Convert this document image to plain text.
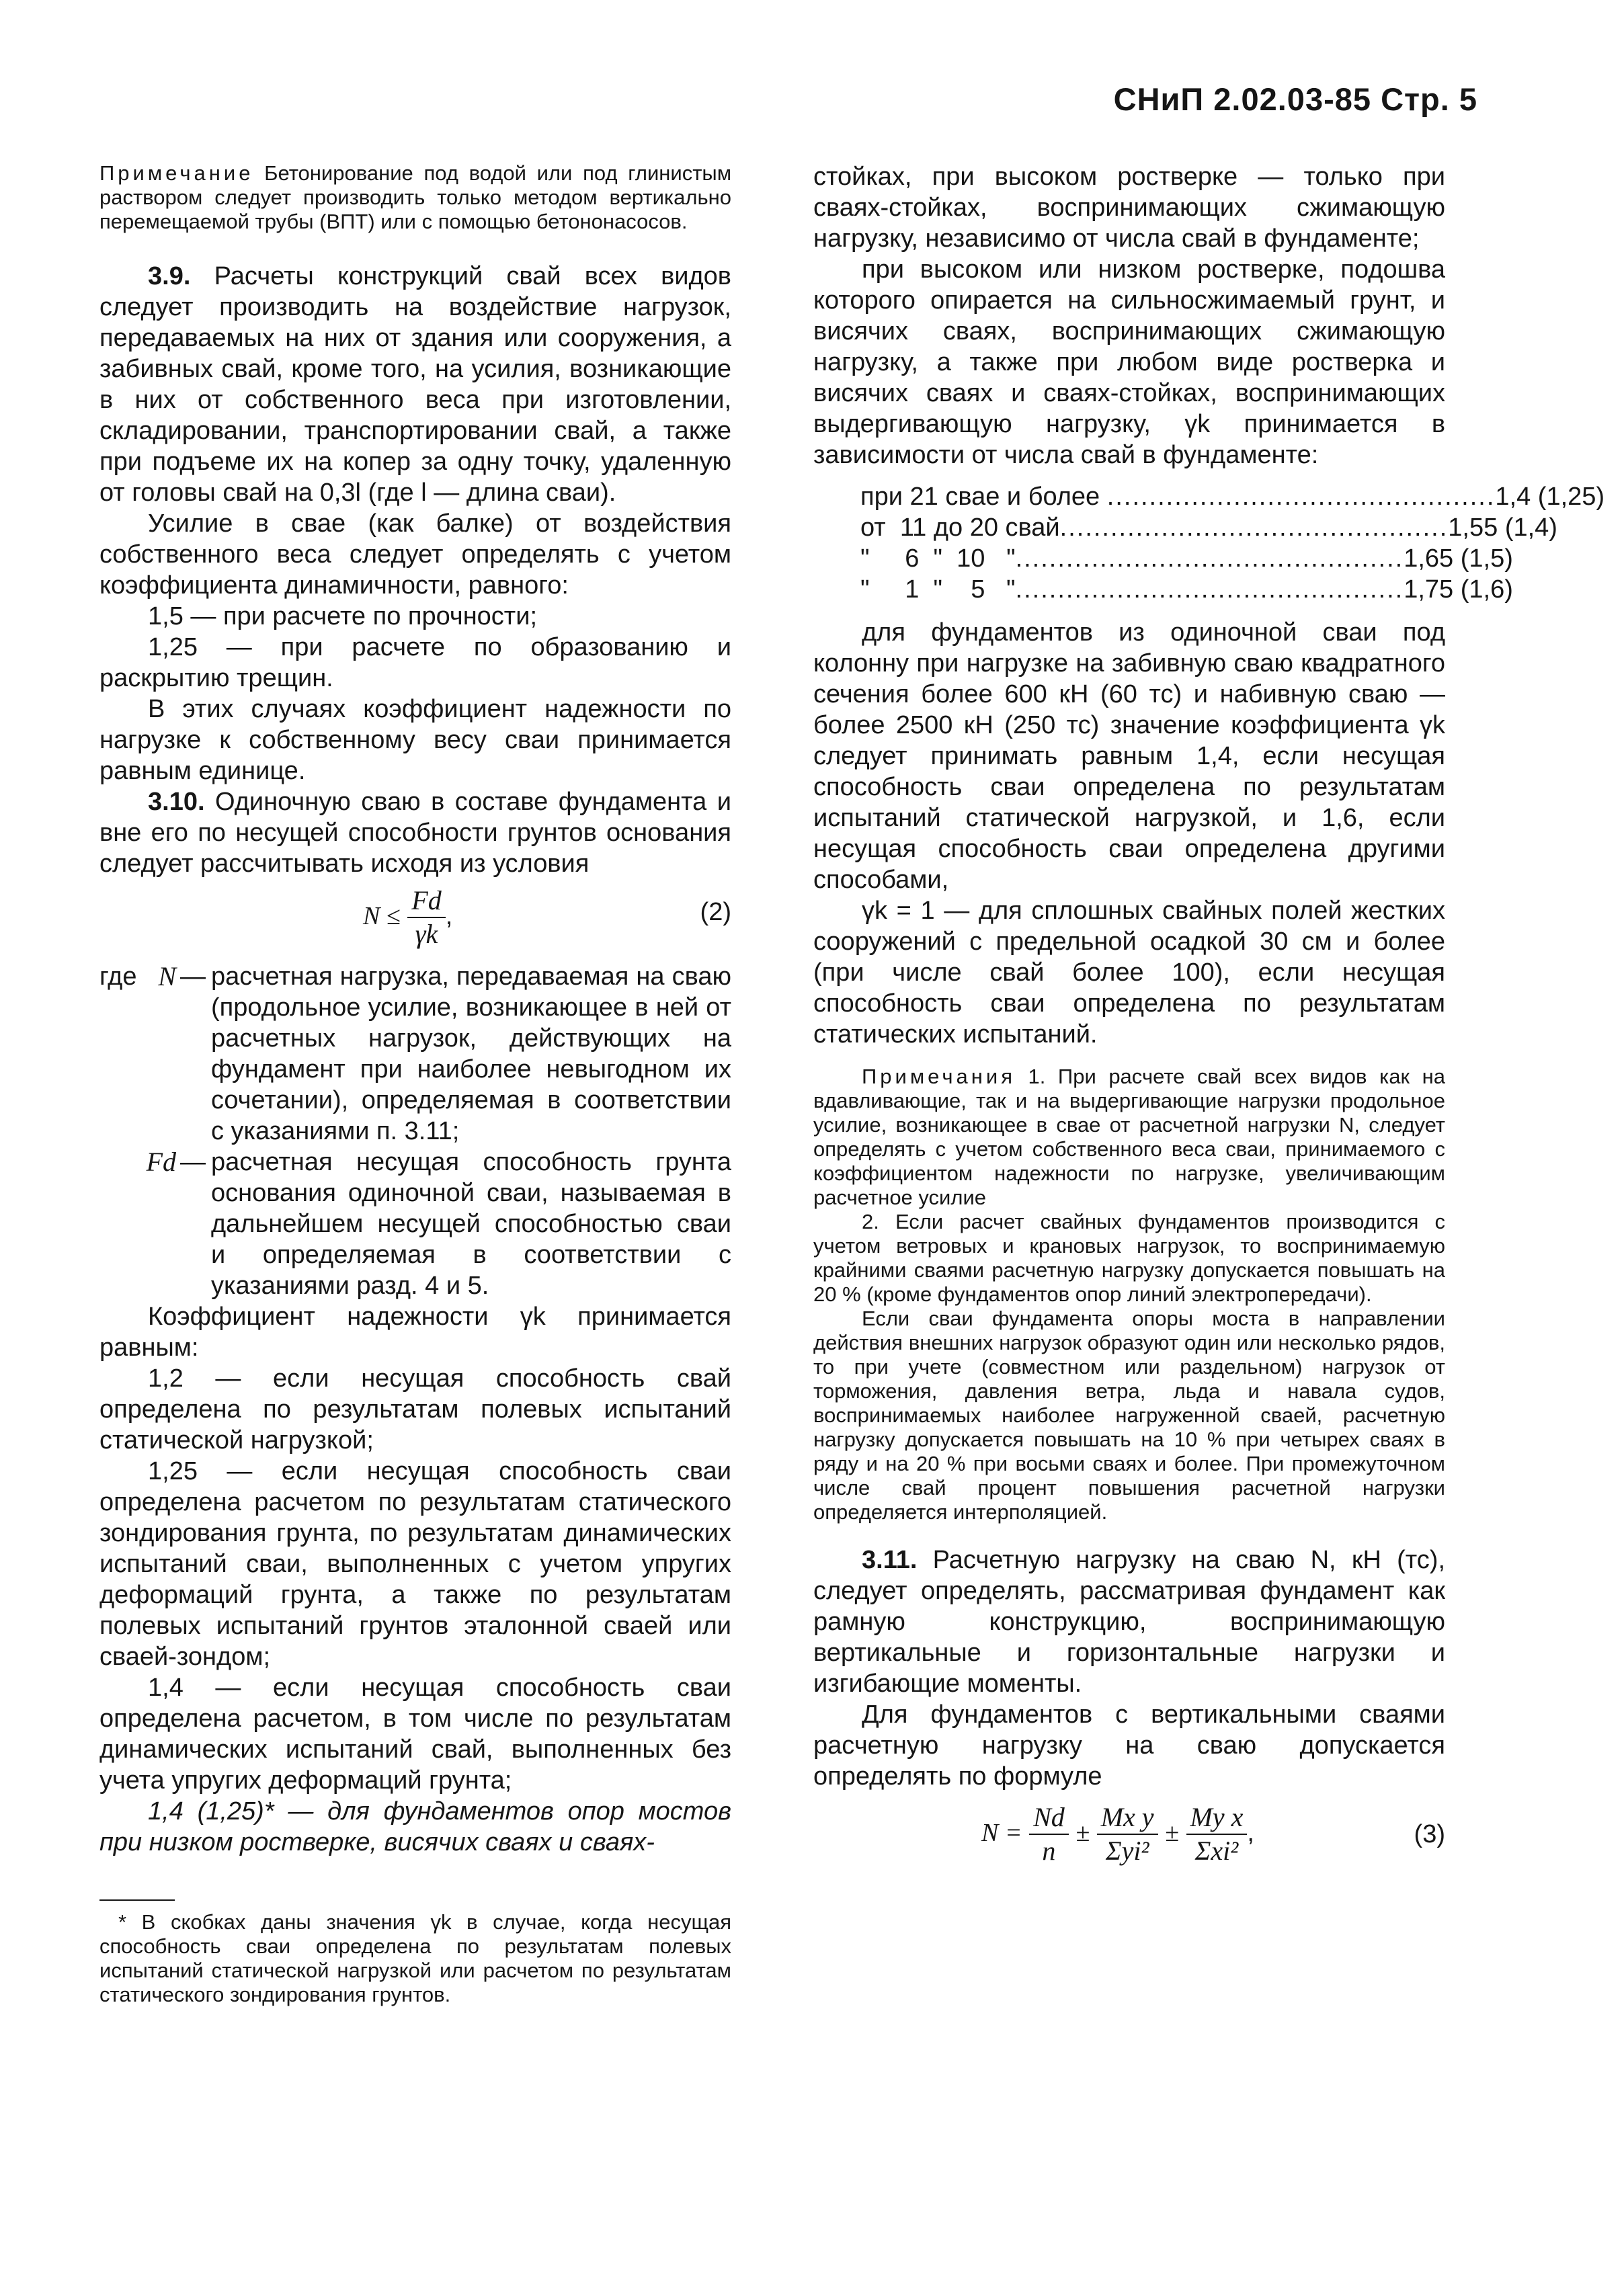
СНиП 2.02.03-85 Стр. 5

Примечание Бетонирование под водой или под глинистым раствором следует производить только методом вертикально перемещаемой трубы (ВПТ) или с помощью бетононасосов.

3.9. Расчеты конструкций свай всех видов следует производить на воздействие нагрузок, передаваемых на них от здания или сооружения, а забивных свай, кроме того, на усилия, возникающие в них от собственного веса при изготовлении, складировании, транспортировании свай, а также при подъеме их на копер за одну точку, удаленную от головы свай на 0,3l (где l — длина сваи).

Усилие в свае (как балке) от воздействия собственного веса следует определять с учетом коэффициента динамичности, равного:

1,5 — при расчете по прочности;

1,25 — при расчете по образованию и раскрытию трещин.

В этих случаях коэффициент надежности по нагрузке к собственному весу сваи принимается равным единице.

3.10. Одиночную сваю в составе фундамента и вне его по несущей способности грунтов основания следует рассчитывать исходя из условия

$N \le \frac{Fd}{\gamma k}$ ,	(2)
где N — расчетная нагрузка, передаваемая на сваю (продольное усилие, возникающее в ней от расчетных нагрузок, действующих на фундамент при наиболее невыгодном их сочетании), определяемая в соответствии с указаниями п. 3.11;
Fd — расчетная несущая способность грунта основания одиночной сваи, называемая в дальнейшем несущей способностью сваи и определяемая в соответствии с указаниями разд. 4 и 5.

Коэффициент надежности γk принимается равным:

1,2 — если несущая способность свай определена по результатам полевых испытаний статической нагрузкой;

1,25 — если несущая способность сваи определена расчетом по результатам статического зондирования грунта, по результатам динамических испытаний сваи, выполненных с учетом упругих деформаций грунта, а также по результатам полевых испытаний грунтов эталонной сваей или сваей-зондом;

1,4 — если несущая способность сваи определена расчетом, в том числе по результатам динамических испытаний свай, выполненных без учета упругих деформаций грунта;

1,4 (1,25)* — для фундаментов опор мостов при низком ростверке, висячих сваях и сваях-

* В скобках даны значения γk в случае, когда несущая способность сваи определена по результатам полевых испытаний статической нагрузкой или расчетом по результатам статического зондирования грунтов.

стойках, при высоком ростверке — только при сваях-стойках, воспринимающих сжимающую нагрузку, независимо от числа свай в фундаменте;

при высоком или низком ростверке, подошва которого опирается на сильносжимаемый грунт, и висячих сваях, воспринимающих сжимающую нагрузку, а также при любом виде ростверка и висячих сваях и сваях-стойках, воспринимающих выдергивающую нагрузку, γk принимается в зависимости от числа свай в фундаменте:

при 21 свае и более .............................................. 1,4 (1,25)
от  11 до 20 свай .............................................. 1,55 (1,4)
"     6  "  10   " .............................................. 1,65 (1,5)
"     1  "    5   " .............................................. 1,75 (1,6)

для фундаментов из одиночной сваи под колонну при нагрузке на забивную сваю квадратного сечения более 600 кН (60 тс) и набивную сваю — более 2500 кН (250 тс) значение коэффициента γk следует принимать равным 1,4, если несущая способность сваи определена по результатам испытаний статической нагрузкой, и 1,6, если несущая способность сваи определена другими способами,

γk = 1 — для сплошных свайных полей жестких сооружений с предельной осадкой 30 см и более (при числе свай более 100), если несущая способность сваи определена по результатам статических испытаний.

Примечания 1. При расчете свай всех видов как на вдавливающие, так и на выдергивающие нагрузки продольное усилие, возникающее в свае от расчетной нагрузки N, следует определять с учетом собственного веса сваи, принимаемого с коэффициентом надежности по нагрузке, увеличивающим расчетное усилие

2. Если расчет свайных фундаментов производится с учетом ветровых и крановых нагрузок, то воспринимаемую крайними сваями расчетную нагрузку допускается повышать на 20 % (кроме фундаментов опор линий электропередачи).

Если сваи фундамента опоры моста в направлении действия внешних нагрузок образуют один или несколько рядов, то при учете (совместном или раздельном) нагрузок от торможения, давления ветра, льда и навала судов, воспринимаемых наиболее нагруженной сваей, расчетную нагрузку допускается повышать на 10 % при четырех сваях в ряду и на 20 % при восьми сваях и более. При промежуточном числе свай процент повышения расчетной нагрузки определяется интерполяцией.

3.11. Расчетную нагрузку на сваю N, кН (тс), следует определять, рассматривая фундамент как рамную конструкцию, воспринимающую вертикальные и горизонтальные нагрузки и изгибающие моменты.

Для фундаментов с вертикальными сваями расчетную нагрузку на сваю допускается определять по формуле

$N = \frac{Nd}{n} \pm \frac{\text{Mx y}}{\text{Σyi²}} \pm \frac{\text{My x}}{\text{Σxi²}}$ ,	(3)
